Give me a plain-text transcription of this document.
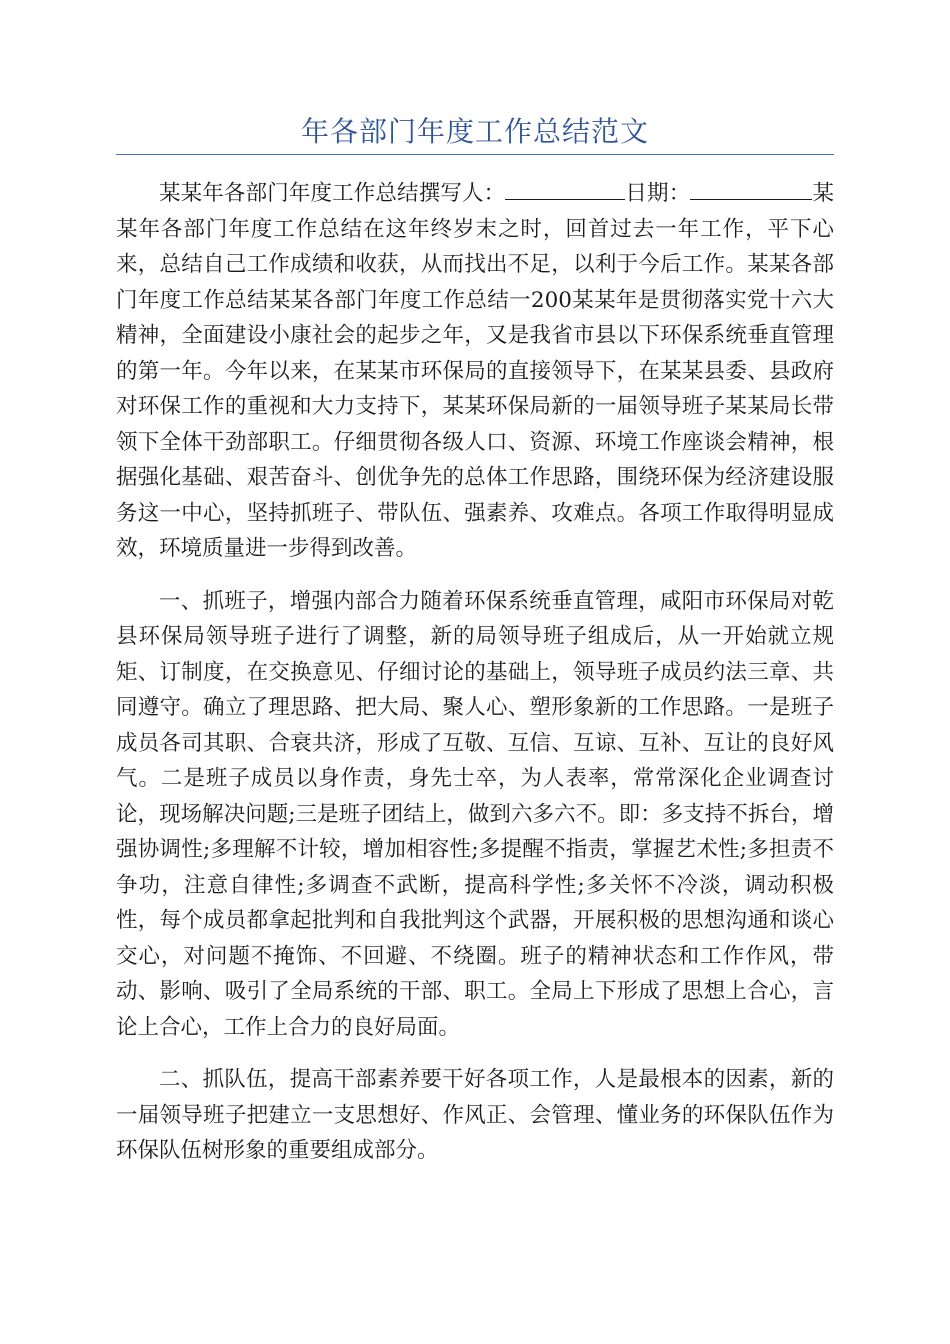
年各部门年度工作总结范文

某某年各部门年度工作总结撰写人：	日期：	某某年各部门年度工作总结在这年终岁末之时，回首过去一年工作，平下心来，总结自己工作成绩和收获，从而找出不足，以利于今后工作。某某各部门年度工作总结某某各部门年度工作总结一200某某年是贯彻落实党十六大精神，全面建设小康社会的起步之年，又是我省市县以下环保系统垂直管理的第一年。今年以来，在某某市环保局的直接领导下，在某某县委、县政府对环保工作的重视和大力支持下，某某环保局新的一届领导班子某某局长带领下全体干劲部职工。仔细贯彻各级人口、资源、环境工作座谈会精神，根据强化基础、艰苦奋斗、创优争先的总体工作思路，围绕环保为经济建设服务这一中心，坚持抓班子、带队伍、强素养、攻难点。各项工作取得明显成效，环境质量进一步得到改善。

一、抓班子，增强内部合力随着环保系统垂直管理，咸阳市环保局对乾县环保局领导班子进行了调整，新的局领导班子组成后，从一开始就立规矩、订制度，在交换意见、仔细讨论的基础上，领导班子成员约法三章、共同遵守。确立了理思路、把大局、聚人心、塑形象新的工作思路。一是班子成员各司其职、合衰共济，形成了互敬、互信、互谅、互补、互让的良好风气。二是班子成员以身作责，身先士卒，为人表率，常常深化企业调查讨论，现场解决问题;三是班子团结上，做到六多六不。即：多支持不拆台，增强协调性;多理解不计较，增加相容性;多提醒不指责，掌握艺术性;多担责不争功，注意自律性;多调查不武断，提高科学性;多关怀不冷淡，调动积极性，每个成员都拿起批判和自我批判这个武器，开展积极的思想沟通和谈心交心，对问题不掩饰、不回避、不绕圈。班子的精神状态和工作作风，带动、影响、吸引了全局系统的干部、职工。全局上下形成了思想上合心，言论上合心，工作上合力的良好局面。

二、抓队伍，提高干部素养要干好各项工作，人是最根本的因素，新的一届领导班子把建立一支思想好、作风正、会管理、懂业务的环保队伍作为环保队伍树形象的重要组成部分。
